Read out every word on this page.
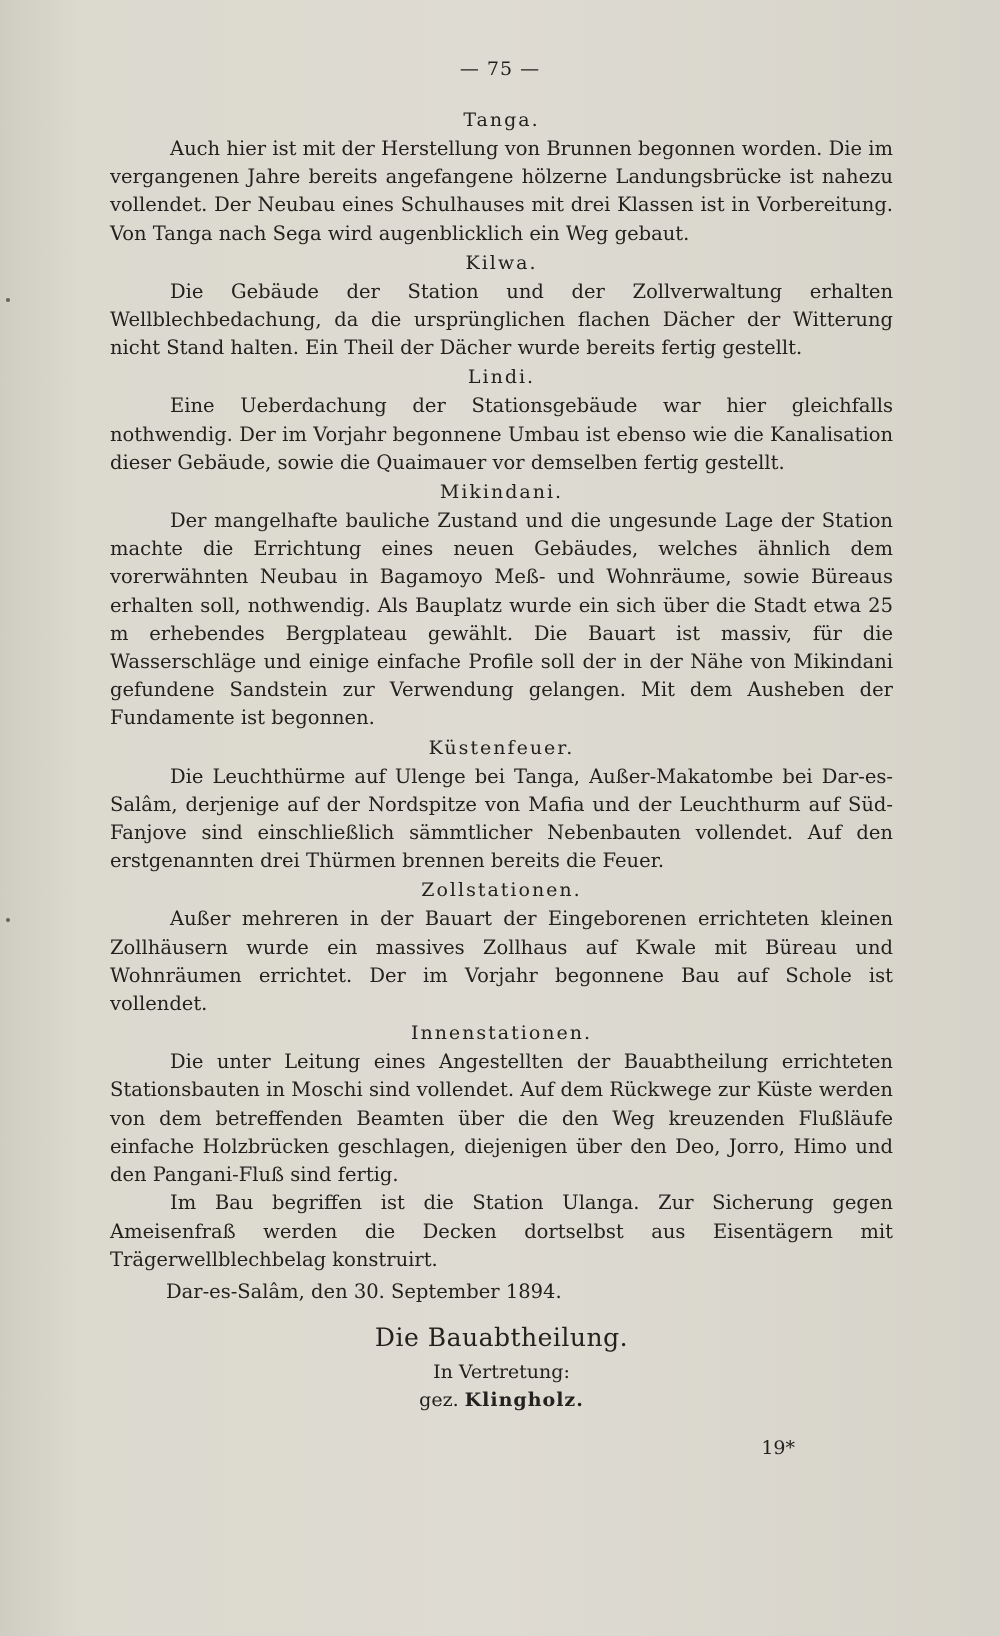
— 75 —

Tanga.

Auch hier ist mit der Herstellung von Brunnen begonnen worden. Die im vergangenen Jahre bereits angefangene hölzerne Landungsbrücke ist nahezu vollendet. Der Neubau eines Schulhauses mit drei Klassen ist in Vorbereitung. Von Tanga nach Sega wird augenblicklich ein Weg gebaut.

Kilwa.

Die Gebäude der Station und der Zollverwaltung erhalten Wellblechbedachung, da die ursprünglichen flachen Dächer der Witterung nicht Stand halten. Ein Theil der Dächer wurde bereits fertig gestellt.

Lindi.

Eine Ueberdachung der Stationsgebäude war hier gleichfalls nothwendig. Der im Vorjahr begonnene Umbau ist ebenso wie die Kanalisation dieser Gebäude, sowie die Quaimauer vor demselben fertig gestellt.

Mikindani.

Der mangelhafte bauliche Zustand und die ungesunde Lage der Station machte die Errichtung eines neuen Gebäudes, welches ähnlich dem vorerwähnten Neubau in Bagamoyo Meß- und Wohnräume, sowie Büreaus erhalten soll, nothwendig. Als Bauplatz wurde ein sich über die Stadt etwa 25 m erhebendes Bergplateau gewählt. Die Bauart ist massiv, für die Wasserschläge und einige einfache Profile soll der in der Nähe von Mikindani gefundene Sandstein zur Verwendung gelangen. Mit dem Ausheben der Fundamente ist begonnen.

Küstenfeuer.

Die Leuchthürme auf Ulenge bei Tanga, Außer-Makatombe bei Dar-es-Salâm, derjenige auf der Nordspitze von Mafia und der Leuchthurm auf Süd-Fanjove sind einschließlich sämmtlicher Nebenbauten vollendet. Auf den erstgenannten drei Thürmen brennen bereits die Feuer.

Zollstationen.

Außer mehreren in der Bauart der Eingeborenen errichteten kleinen Zollhäusern wurde ein massives Zollhaus auf Kwale mit Büreau und Wohnräumen errichtet. Der im Vorjahr begonnene Bau auf Schole ist vollendet.

Innenstationen.

Die unter Leitung eines Angestellten der Bauabtheilung errichteten Stationsbauten in Moschi sind vollendet. Auf dem Rückwege zur Küste werden von dem betreffenden Beamten über die den Weg kreuzenden Flußläufe einfache Holzbrücken geschlagen, diejenigen über den Deo, Jorro, Himo und den Pangani-Fluß sind fertig.

Im Bau begriffen ist die Station Ulanga. Zur Sicherung gegen Ameisenfraß werden die Decken dortselbst aus Eisentägern mit Trägerwellblechbelag konstruirt.

Dar-es-Salâm, den 30. September 1894.

Die Bauabtheilung.

In Vertretung:

gez. Klingholz.

19*
